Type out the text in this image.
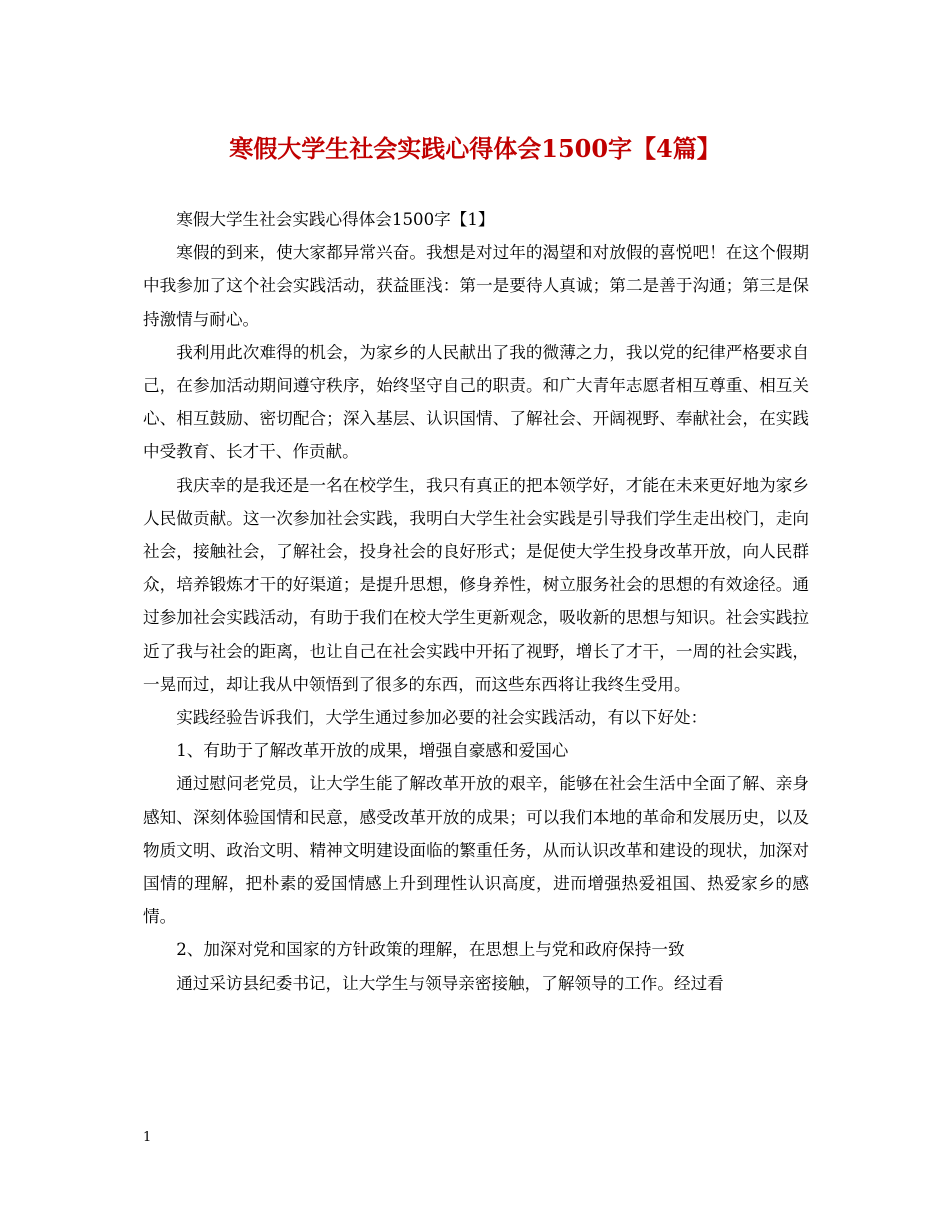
寒假大学生社会实践心得体会1500字【4篇】

寒假大学生社会实践心得体会1500字【1】

寒假的到来，使大家都异常兴奋。我想是对过年的渴望和对放假的喜悦吧！在这个假期中我参加了这个社会实践活动，获益匪浅：第一是要待人真诚；第二是善于沟通；第三是保持激情与耐心。

我利用此次难得的机会，为家乡的人民献出了我的微薄之力，我以党的纪律严格要求自己，在参加活动期间遵守秩序，始终坚守自己的职责。和广大青年志愿者相互尊重、相互关心、相互鼓励、密切配合；深入基层、认识国情、了解社会、开阔视野、奉献社会，在实践中受教育、长才干、作贡献。

我庆幸的是我还是一名在校学生，我只有真正的把本领学好，才能在未来更好地为家乡人民做贡献。这一次参加社会实践，我明白大学生社会实践是引导我们学生走出校门，走向社会，接触社会，了解社会，投身社会的良好形式；是促使大学生投身改革开放，向人民群众，培养锻炼才干的好渠道；是提升思想，修身养性，树立服务社会的思想的有效途径。通过参加社会实践活动，有助于我们在校大学生更新观念，吸收新的思想与知识。社会实践拉近了我与社会的距离，也让自己在社会实践中开拓了视野，增长了才干，一周的社会实践，一晃而过，却让我从中领悟到了很多的东西，而这些东西将让我终生受用。

实践经验告诉我们，大学生通过参加必要的社会实践活动，有以下好处：

1、有助于了解改革开放的成果，增强自豪感和爱国心

通过慰问老党员，让大学生能了解改革开放的艰辛，能够在社会生活中全面了解、亲身感知、深刻体验国情和民意，感受改革开放的成果；可以我们本地的革命和发展历史，以及物质文明、政治文明、精神文明建设面临的繁重任务，从而认识改革和建设的现状，加深对国情的理解，把朴素的爱国情感上升到理性认识高度，进而增强热爱祖国、热爱家乡的感情。

2、加深对党和国家的方针政策的理解，在思想上与党和政府保持一致

通过采访县纪委书记，让大学生与领导亲密接触，了解领导的工作。经过看

1
